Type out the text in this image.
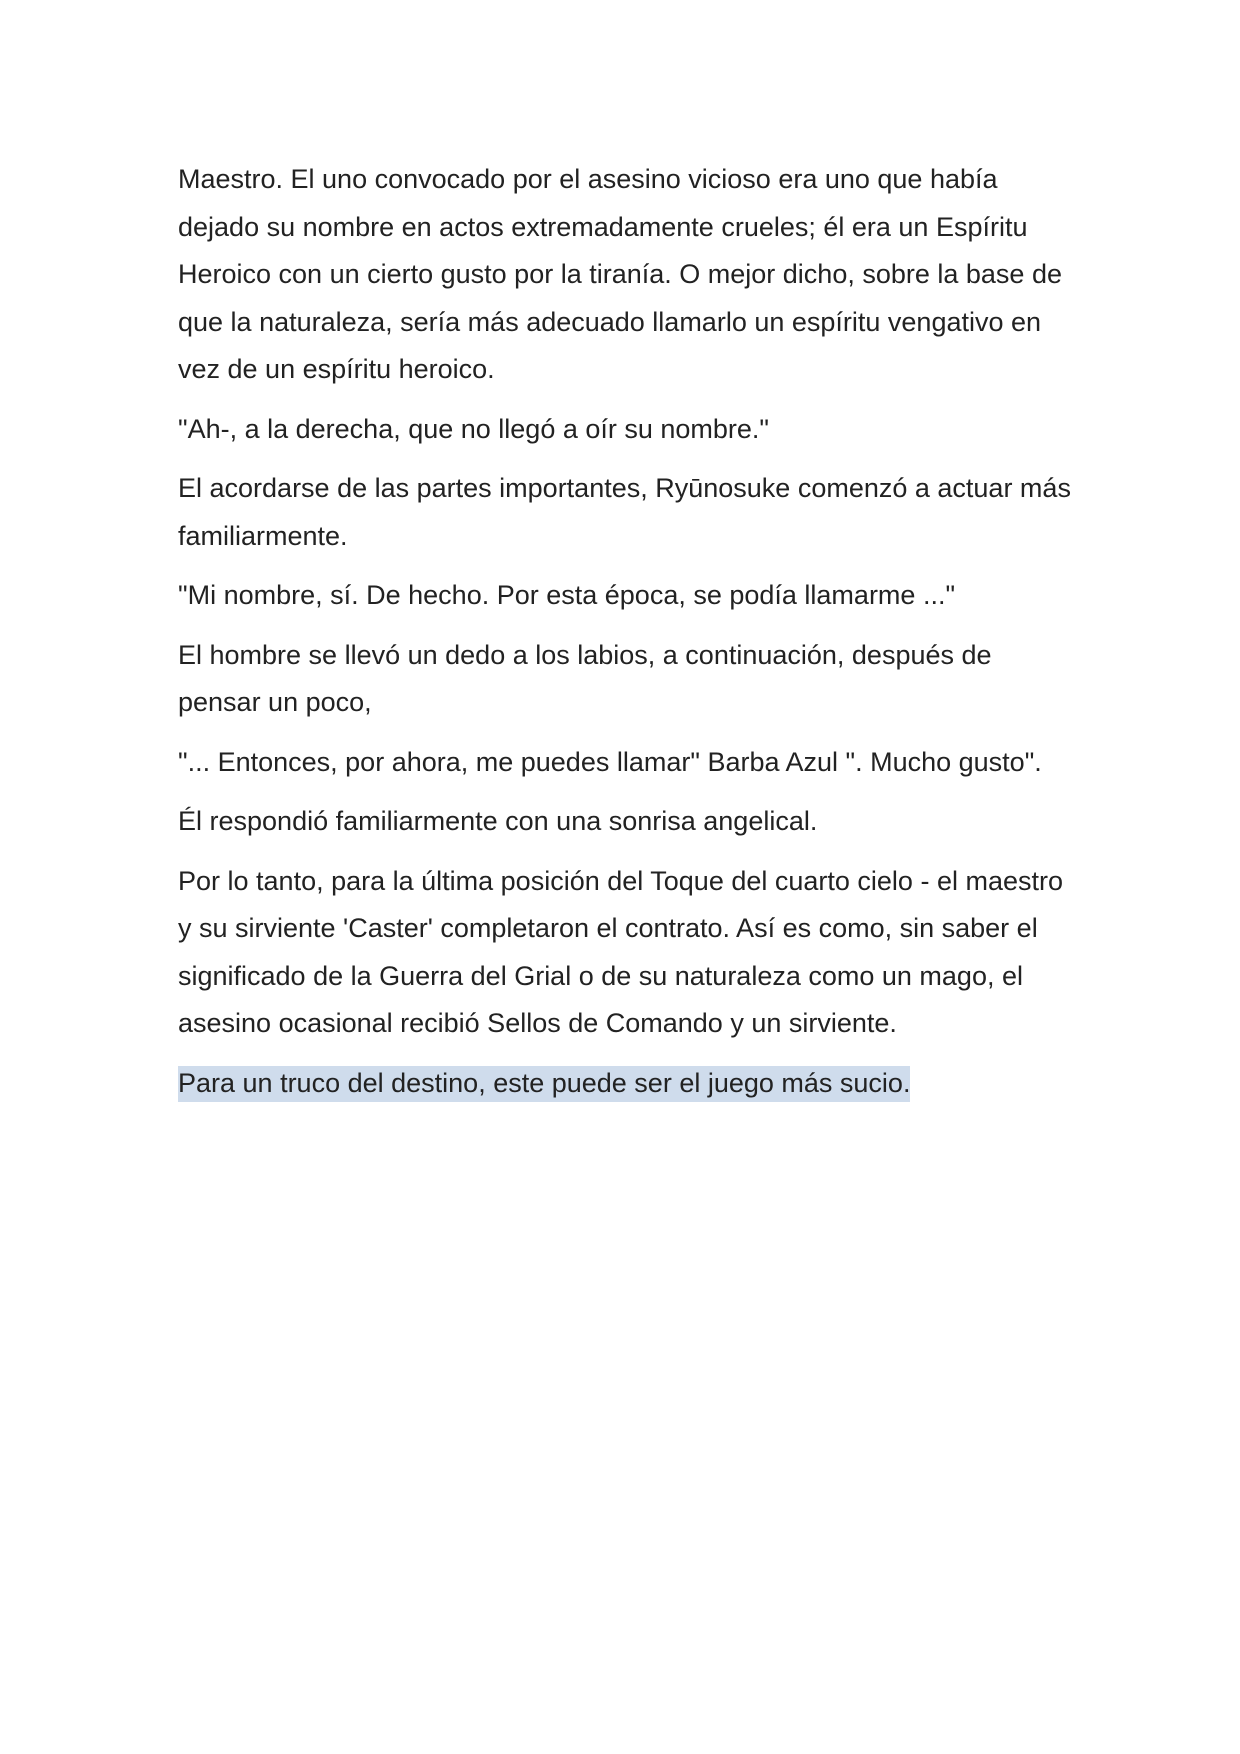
Maestro. El uno convocado por el asesino vicioso era uno que había dejado su nombre en actos extremadamente crueles; él era un Espíritu Heroico con un cierto gusto por la tiranía. O mejor dicho, sobre la base de que la naturaleza, sería más adecuado llamarlo un espíritu vengativo en vez de un espíritu heroico.

"Ah-, a la derecha, que no llegó a oír su nombre."

El acordarse de las partes importantes, Ryūnosuke comenzó a actuar más familiarmente.

"Mi nombre, sí. De hecho. Por esta época, se podía llamarme ..."

El hombre se llevó un dedo a los labios, a continuación, después de pensar un poco,

"... Entonces, por ahora, me puedes llamar" Barba Azul ". Mucho gusto".

Él respondió familiarmente con una sonrisa angelical.

Por lo tanto, para la última posición del Toque del cuarto cielo - el maestro y su sirviente 'Caster' completaron el contrato. Así es como, sin saber el significado de la Guerra del Grial o de su naturaleza como un mago, el asesino ocasional recibió Sellos de Comando y un sirviente.

Para un truco del destino, este puede ser el juego más sucio.
